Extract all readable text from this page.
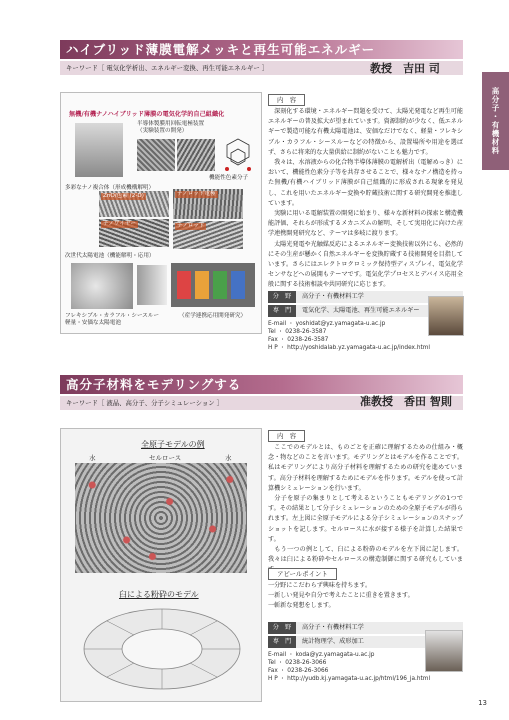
高分子・有機材料
ハイブリッド薄膜電解メッキと再生可能エネルギー
キーワード［ 電気化学析出、エネルギー変換、再生可能エネルギー ］	教授　吉田 司
無機/有機ナノハイブリッド薄膜の電気化学的自己組織化
半導体製膜用回転電極装置
（実験装置の開発）
機能性色素分子
多彩なナノ複合体（形成機構解明）
ZnO/色素 (2-D)	ナノロッド電極
ナノワイヤー	ナノロッド
次世代太陽電池（機能解明・応用）
フレキシブル・カラフル・シースルー
軽量・安価な太陽電池
（産学連携応用開発研究）
内　容
　深刻化する環境・エネルギー問題を受けて、太陽光発電など再生可能エネルギーの普及拡大が望まれています。資源制約が少なく、低エネルギーで製造可能な有機太陽電池は、安価なだけでなく、軽量・フレキシブル・カラフル・シースルーなどの特徴から、設置場所や用途を選ばず、さらに将来的な大量供給に制約がないことも魅力です。
　我々は、水溶液からの化合物半導体薄膜の電解析出（電解めっき）において、機能性色素分子等を共存させることで、様々なナノ構造を持った無機/有機ハイブリッド薄膜が自己組織的に形成される現象を発見し、これを用いたエネルギー変換や貯蔵技術に関する研究開発を推進しています。
　実験に用いる電解装置の開発に始まり、様々な新材料の探索と構造機能評価、それらが形成するメカニズムの解明、そして実用化に向けた産学連携開発研究など、テーマは多岐に渡ります。
　太陽光発電や光触媒反応によるエネルギー変換技術以外にも、必然的にその生産が懸かく自然エネルギーを変換貯蔵する技術開発を目指しています。さらにはエレクトロクロミック保持型ディスプレイ、電気化学センサなどへの展開もテーマです。電気化学プロセスとデバイス応用全般に関する技術相談や共同研究に応じます。
分　野	高分子・有機材料工学
専　門	電気化学、太陽電池、再生可能エネルギー
E-mail ・ yoshidat@yz.yamagata-u.ac.jp
Tel ・ 0238-26-3587
Fax ・ 0238-26-3587
H P ・ http://yoshidalab.yz.yamagata-u.ac.jp/index.html
高分子材料をモデリングする
キーワード［ 液晶、高分子、分子シミュレーション ］	准教授　香田 智則
全原子モデルの例
水	セルロース	水
臼による粉砕のモデル
内　容
　ここでのモデルとは、ものごとを正確に理解するための仕組み・概念・物などのことを言います。モデリングとはモデルを作ることです。私はモデリングにより高分子材料を理解するための研究を進めています。高分子材料を理解するためにモデルを作ります。モデルを使って計算機シミュレーションを行います。
　分子を原子の集まりとして考えるということもモデリングの1つです。その結果として分子シミュレーションのための全原子モデルが得られます。左上図に全原子モデルによる分子シミュレーションのスナップショットを記します。セルロースに水が接する様子を計算した結果です。
　もう一つの例として、臼による粉砕のモデルを左下図に記します。我々は臼による粉砕やセルロースの構造制御に関する研究もしていま
アピールポイント
一分野にこだわらず興味を持ちます。
一新しい発見や自分で考えたことに重きを置きます。
一斬新な発想をします。
分　野	高分子・有機材料工学
専　門	統計物理学、成形加工
E-mail ・ koda@yz.yamagata-u.ac.jp
Tel ・ 0238-26-3066
Fax ・ 0238-26-3066
H P ・ http://yudb.kj.yamagata-u.ac.jp/html/196_ja.html
13
